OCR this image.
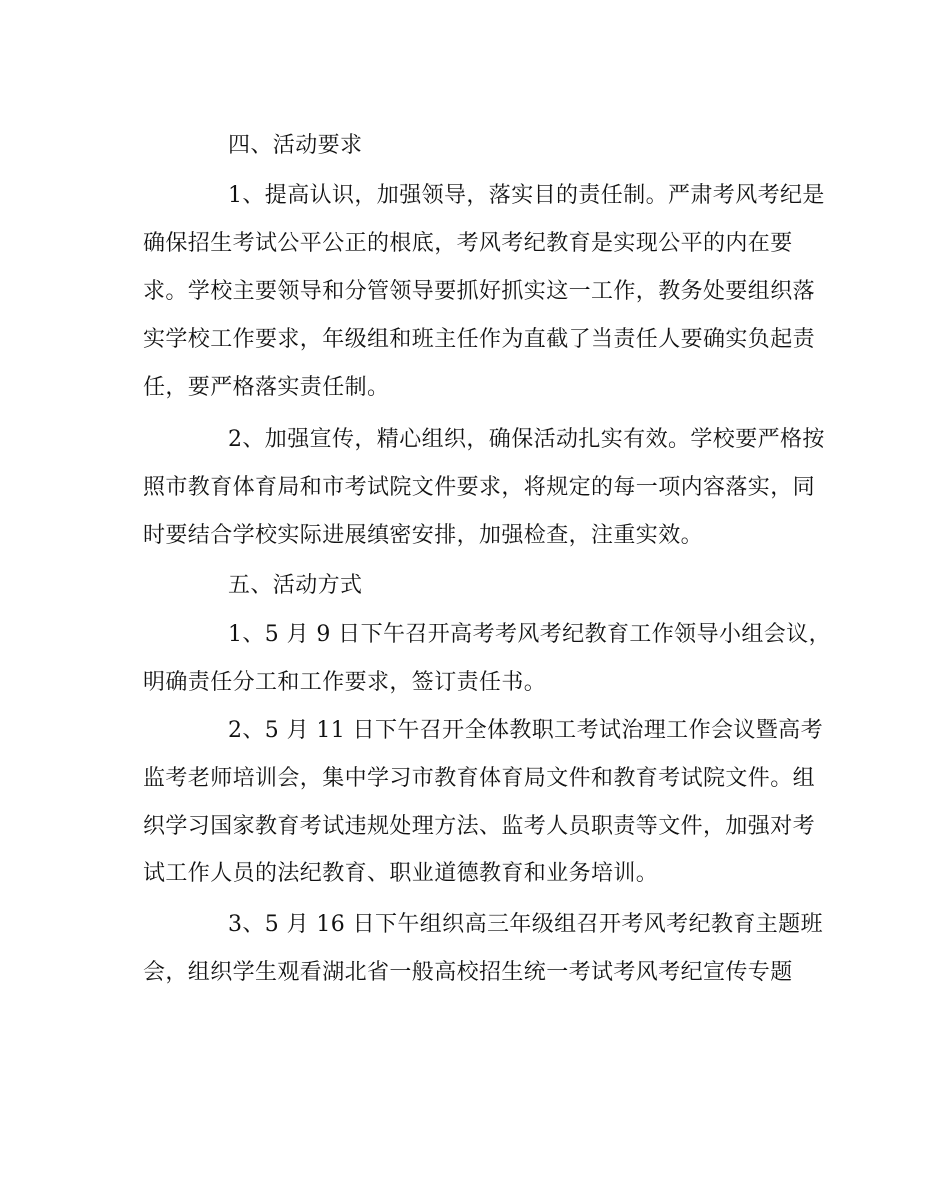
四、活动要求

1、提高认识，加强领导，落实目的责任制。严肃考风考纪是

确保招生考试公平公正的根底，考风考纪教育是实现公平的内在要

求。学校主要领导和分管领导要抓好抓实这一工作，教务处要组织落

实学校工作要求，年级组和班主任作为直截了当责任人要确实负起责

任，要严格落实责任制。

2、加强宣传，精心组织，确保活动扎实有效。学校要严格按

照市教育体育局和市考试院文件要求，将规定的每一项内容落实，同

时要结合学校实际进展缜密安排，加强检查，注重实效。

五、活动方式

1、5 月 9 日下午召开高考考风考纪教育工作领导小组会议，

明确责任分工和工作要求，签订责任书。

2、5 月 11 日下午召开全体教职工考试治理工作会议暨高考

监考老师培训会，集中学习市教育体育局文件和教育考试院文件。组

织学习国家教育考试违规处理方法、监考人员职责等文件，加强对考

试工作人员的法纪教育、职业道德教育和业务培训。

3、5 月 16 日下午组织高三年级组召开考风考纪教育主题班

会，组织学生观看湖北省一般高校招生统一考试考风考纪宣传专题
